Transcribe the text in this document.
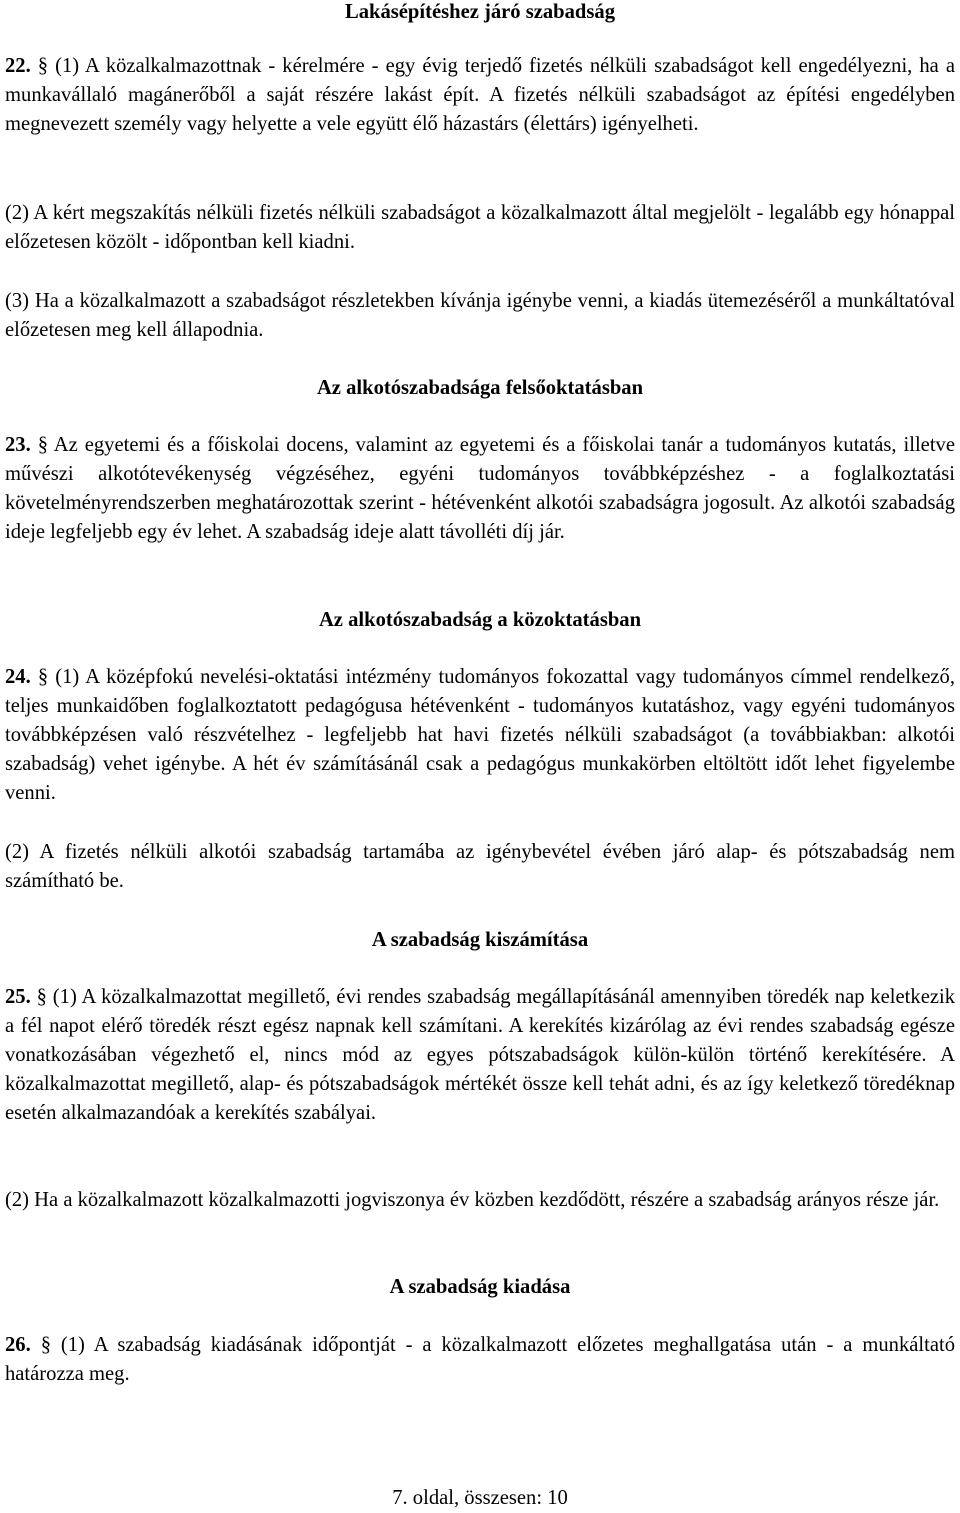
Lakásépítéshez járó szabadság

22. § (1) A közalkalmazottnak - kérelmére - egy évig terjedő fizetés nélküli szabadságot kell engedélyezni, ha a munkavállaló magánerőből a saját részére lakást épít. A fizetés nélküli szabadságot az építési engedélyben megnevezett személy vagy helyette a vele együtt élő házastárs (élettárs) igényelheti.

(2) A kért megszakítás nélküli fizetés nélküli szabadságot a közalkalmazott által megjelölt - legalább egy hónappal előzetesen közölt - időpontban kell kiadni.

(3) Ha a közalkalmazott a szabadságot részletekben kívánja igénybe venni, a kiadás ütemezéséről a munkáltatóval előzetesen meg kell állapodnia.

Az alkotószabadsága felsőoktatásban

23. § Az egyetemi és a főiskolai docens, valamint az egyetemi és a főiskolai tanár a tudományos kutatás, illetve művészi alkotótevékenység végzéséhez, egyéni tudományos továbbképzéshez - a foglalkoztatási követelményrendszerben meghatározottak szerint - hétévenként alkotói szabadságra jogosult. Az alkotói szabadság ideje legfeljebb egy év lehet. A szabadság ideje alatt távolléti díj jár.

Az alkotószabadság a közoktatásban

24. § (1) A középfokú nevelési-oktatási intézmény tudományos fokozattal vagy tudományos címmel rendelkező, teljes munkaidőben foglalkoztatott pedagógusa hétévenként - tudományos kutatáshoz, vagy egyéni tudományos továbbképzésen való részvételhez - legfeljebb hat havi fizetés nélküli szabadságot (a továbbiakban: alkotói szabadság) vehet igénybe. A hét év számításánál csak a pedagógus munkakörben eltöltött időt lehet figyelembe venni.

(2) A fizetés nélküli alkotói szabadság tartamába az igénybevétel évében járó alap- és pótszabadság nem számítható be.

A szabadság kiszámítása

25. § (1) A közalkalmazottat megillető, évi rendes szabadság megállapításánál amennyiben töredék nap keletkezik a fél napot elérő töredék részt egész napnak kell számítani. A kerekítés kizárólag az évi rendes szabadság egésze vonatkozásában végezhető el, nincs mód az egyes pótszabadságok külön-külön történő kerekítésére. A közalkalmazottat megillető, alap- és pótszabadságok mértékét össze kell tehát adni, és az így keletkező töredéknap esetén alkalmazandóak a kerekítés szabályai.

(2) Ha a közalkalmazott közalkalmazotti jogviszonya év közben kezdődött, részére a szabadság arányos része jár.

A szabadság kiadása

26. § (1) A szabadság kiadásának időpontját - a közalkalmazott előzetes meghallgatása után - a munkáltató határozza meg.

7. oldal, összesen: 10
